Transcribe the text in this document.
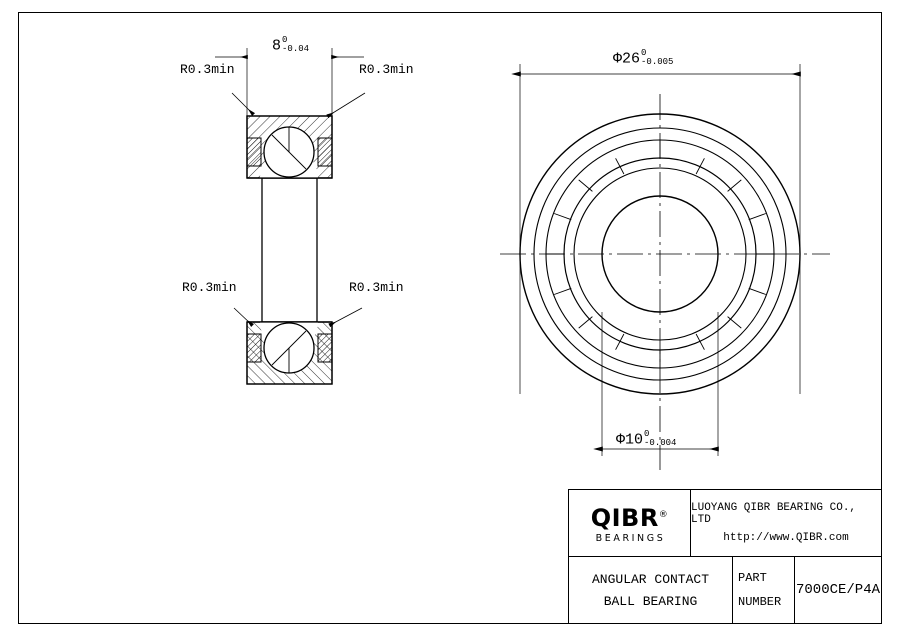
R0.3min	R0.3min
R0.3min	R0.3min
8 0
-0.04
Φ26 0
-0.005
Φ10 0
-0.004
QIBR®
BEARINGS
LUOYANG QIBR BEARING CO., LTD
http://www.QIBR.com
ANGULAR CONTACT
BALL BEARING
PART
NUMBER
7000CE/P4A
